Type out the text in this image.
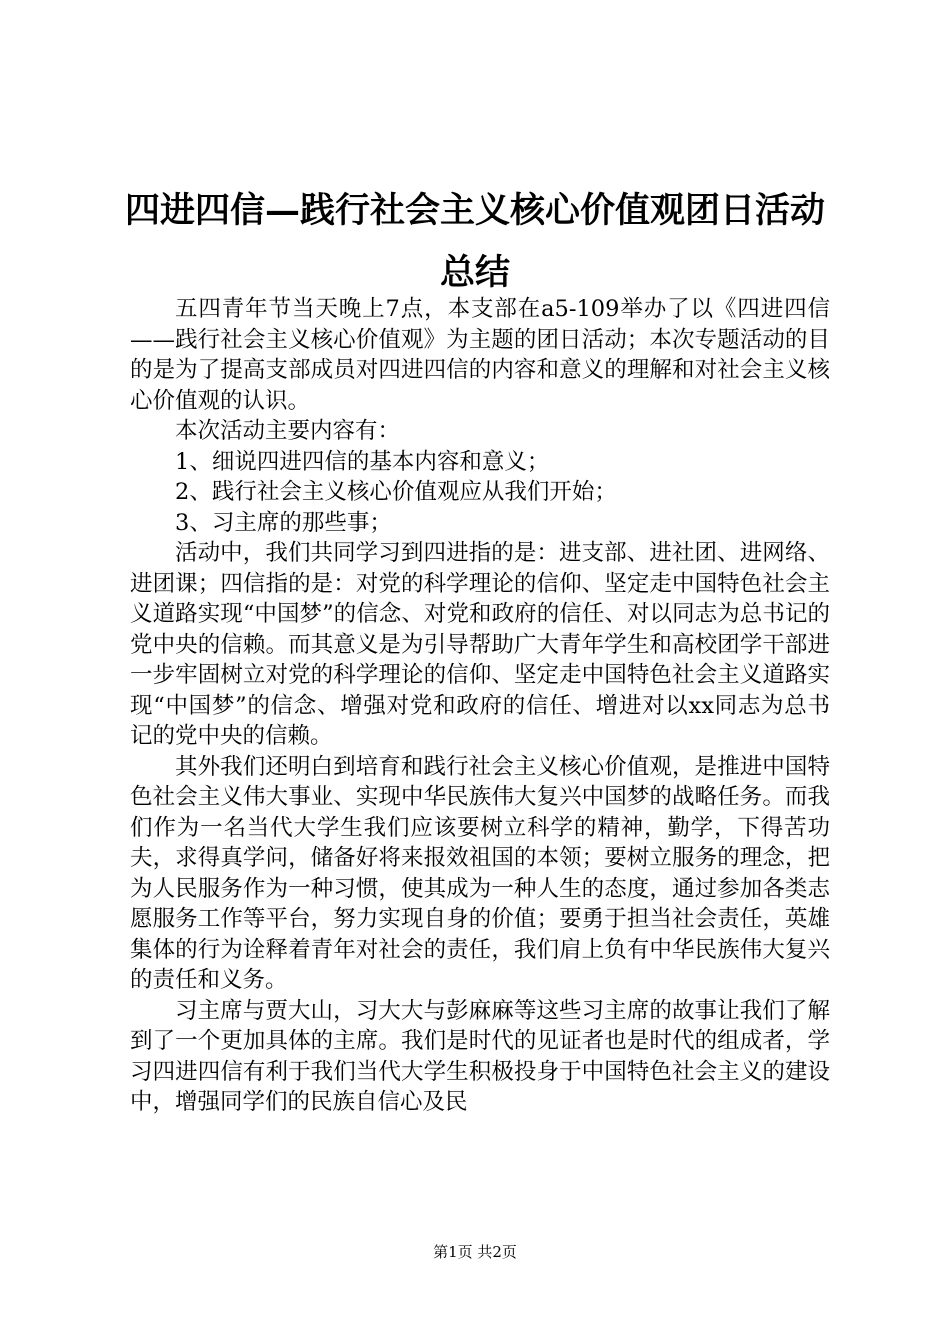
四进四信—践行社会主义核心价值观团日活动总结

五四青年节当天晚上7点，本支部在a5-109举办了以《四进四信——践行社会主义核心价值观》为主题的团日活动；本次专题活动的目的是为了提高支部成员对四进四信的内容和意义的理解和对社会主义核心价值观的认识。

本次活动主要内容有：

1、细说四进四信的基本内容和意义；

2、践行社会主义核心价值观应从我们开始；

3、习主席的那些事；

活动中，我们共同学习到四进指的是：进支部、进社团、进网络、进团课；四信指的是：对党的科学理论的信仰、坚定走中国特色社会主义道路实现“中国梦”的信念、对党和政府的信任、对以同志为总书记的党中央的信赖。而其意义是为引导帮助广大青年学生和高校团学干部进一步牢固树立对党的科学理论的信仰、坚定走中国特色社会主义道路实现“中国梦”的信念、增强对党和政府的信任、增进对以xx同志为总书记的党中央的信赖。

其外我们还明白到培育和践行社会主义核心价值观，是推进中国特色社会主义伟大事业、实现中华民族伟大复兴中国梦的战略任务。而我们作为一名当代大学生我们应该要树立科学的精神，勤学，下得苦功夫，求得真学问，储备好将来报效祖国的本领；要树立服务的理念，把为人民服务作为一种习惯，使其成为一种人生的态度，通过参加各类志愿服务工作等平台，努力实现自身的价值；要勇于担当社会责任，英雄集体的行为诠释着青年对社会的责任，我们肩上负有中华民族伟大复兴的责任和义务。

习主席与贾大山，习大大与彭麻麻等这些习主席的故事让我们了解到了一个更加具体的主席。我们是时代的见证者也是时代的组成者，学习四进四信有利于我们当代大学生积极投身于中国特色社会主义的建设中，增强同学们的民族自信心及民

第1页 共2页
